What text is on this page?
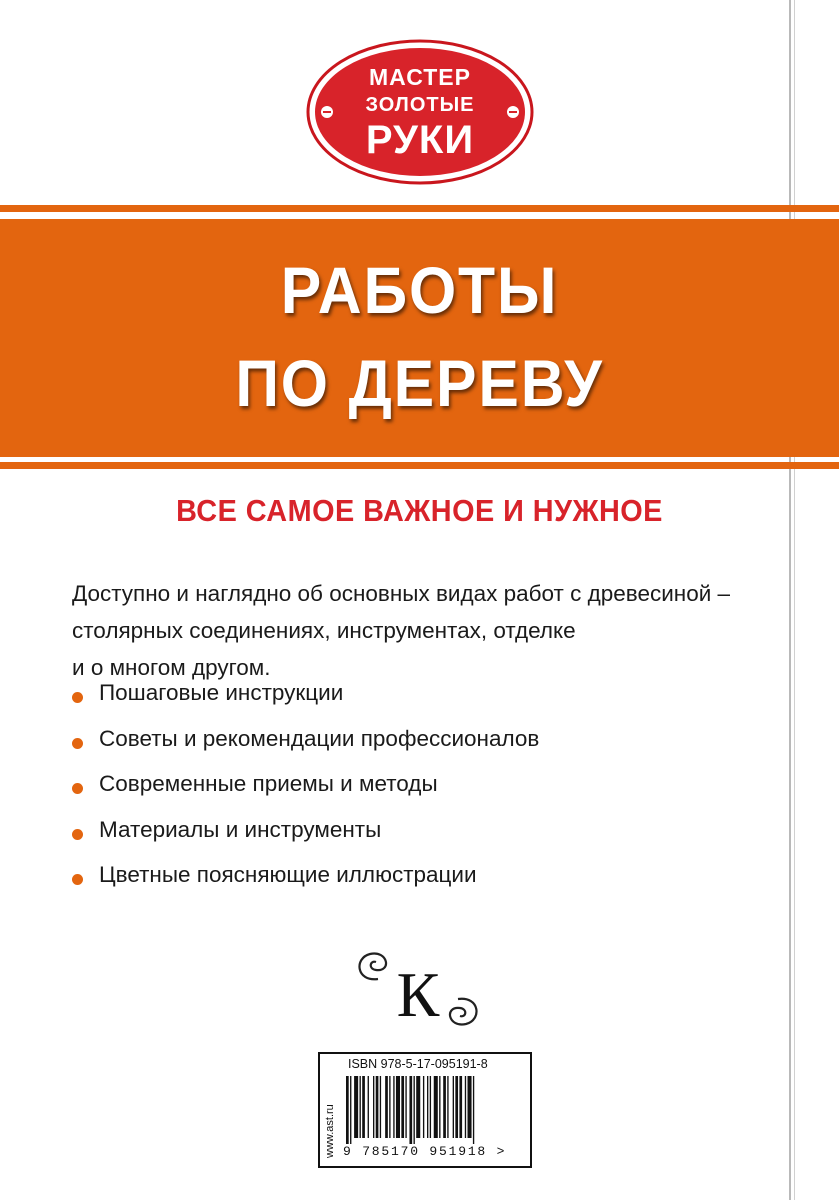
МАСТЕР
ЗОЛОТЫЕ
РУКИ
РАБОТЫ
ПО ДЕРЕВУ
ВСЕ САМОЕ ВАЖНОЕ И НУЖНОЕ
Доступно и наглядно об основных видах работ с древесиной –
столярных соединениях, инструментах, отделке
и о многом другом.
Пошаговые инструкции
Советы и рекомендации профессионалов
Современные приемы и методы
Материалы и инструменты
Цветные поясняющие иллюстрации
К
www.ast.ru
ISBN 978-5-17-095191-8
9 785170 951918 >
